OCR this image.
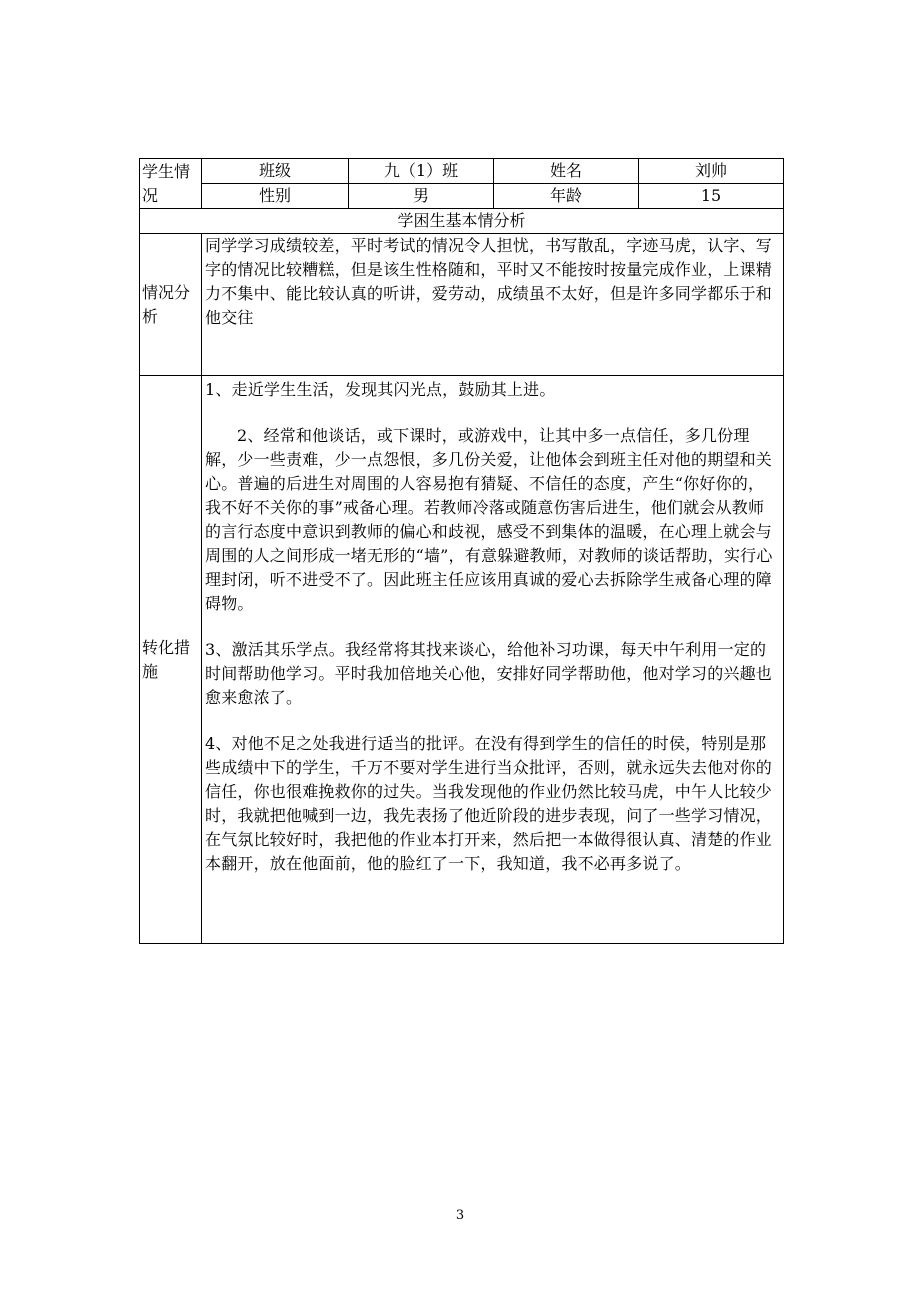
学生情况	班级	九（1）班	姓名	刘帅
	性别	男	年龄	15
学困生基本情分析				
情况分析	同学学习成绩较差，平时考试的情况令人担忧，书写散乱，字迹马虎，认字、写字的情况比较糟糕，但是该生性格随和，平时又不能按时按量完成作业，上课精力不集中、能比较认真的听讲，爱劳动，成绩虽不太好，但是许多同学都乐于和他交往			
转化措施	1、走近学生生活，发现其闪光点，鼓励其上进。

2、经常和他谈话，或下课时，或游戏中，让其中多一点信任，多几份理解，少一些责难，少一点怨恨，多几份关爱，让他体会到班主任对他的期望和关心。普遍的后进生对周围的人容易抱有猜疑、不信任的态度，产生“你好你的，我不好不关你的事”戒备心理。若教师冷落或随意伤害后进生，他们就会从教师的言行态度中意识到教师的偏心和歧视，感受不到集体的温暖，在心理上就会与周围的人之间形成一堵无形的“墙”，有意躲避教师，对教师的谈话帮助，实行心理封闭，听不进受不了。因此班主任应该用真诚的爱心去拆除学生戒备心理的障碍物。

3、激活其乐学点。我经常将其找来谈心，给他补习功课，每天中午利用一定的时间帮助他学习。平时我加倍地关心他，安排好同学帮助他，他对学习的兴趣也愈来愈浓了。

4、对他不足之处我进行适当的批评。在没有得到学生的信任的时侯，特别是那些成绩中下的学生，千万不要对学生进行当众批评，否则，就永远失去他对你的信任，你也很难挽救你的过失。当我发现他的作业仍然比较马虎，中午人比较少时，我就把他喊到一边，我先表扬了他近阶段的进步表现，问了一些学习情况，在气氛比较好时，我把他的作业本打开来，然后把一本做得很认真、清楚的作业本翻开，放在他面前，他的脸红了一下，我知道，我不必再多说了。			

3
